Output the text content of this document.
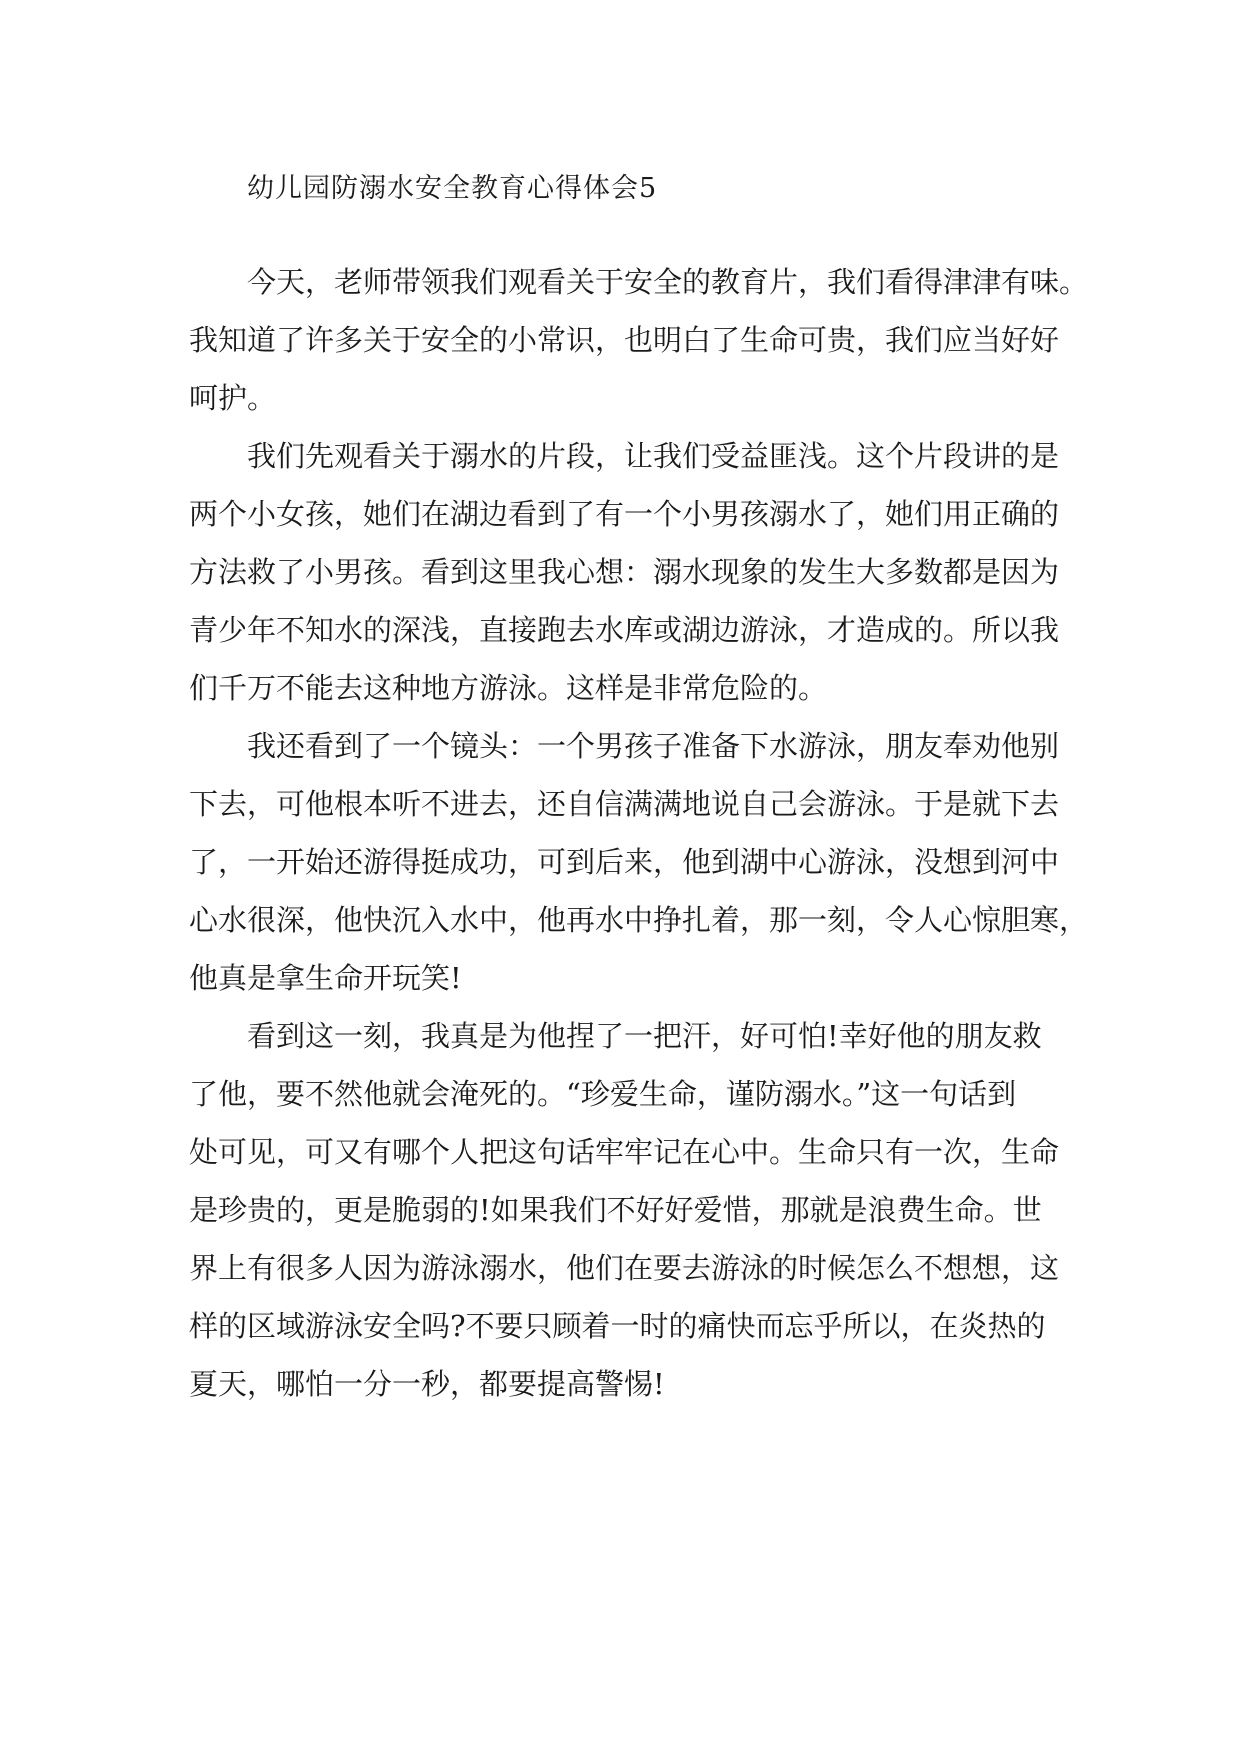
幼儿园防溺水安全教育心得体会5

今天，老师带领我们观看关于安全的教育片，我们看得津津有味。

我知道了许多关于安全的小常识，也明白了生命可贵，我们应当好好

呵护。

我们先观看关于溺水的片段，让我们受益匪浅。这个片段讲的是

两个小女孩，她们在湖边看到了有一个小男孩溺水了，她们用正确的

方法救了小男孩。看到这里我心想：溺水现象的发生大多数都是因为

青少年不知水的深浅，直接跑去水库或湖边游泳，才造成的。所以我

们千万不能去这种地方游泳。这样是非常危险的。

我还看到了一个镜头：一个男孩子准备下水游泳，朋友奉劝他别

下去，可他根本听不进去，还自信满满地说自己会游泳。于是就下去

了，一开始还游得挺成功，可到后来，他到湖中心游泳，没想到河中

心水很深，他快沉入水中，他再水中挣扎着，那一刻，令人心惊胆寒，

他真是拿生命开玩笑!

看到这一刻，我真是为他捏了一把汗，好可怕!幸好他的朋友救

了他，要不然他就会淹死的。“珍爱生命，谨防溺水。”这一句话到

处可见，可又有哪个人把这句话牢牢记在心中。生命只有一次，生命

是珍贵的，更是脆弱的!如果我们不好好爱惜，那就是浪费生命。世

界上有很多人因为游泳溺水，他们在要去游泳的时候怎么不想想，这

样的区域游泳安全吗?不要只顾着一时的痛快而忘乎所以，在炎热的

夏天，哪怕一分一秒，都要提高警惕!
